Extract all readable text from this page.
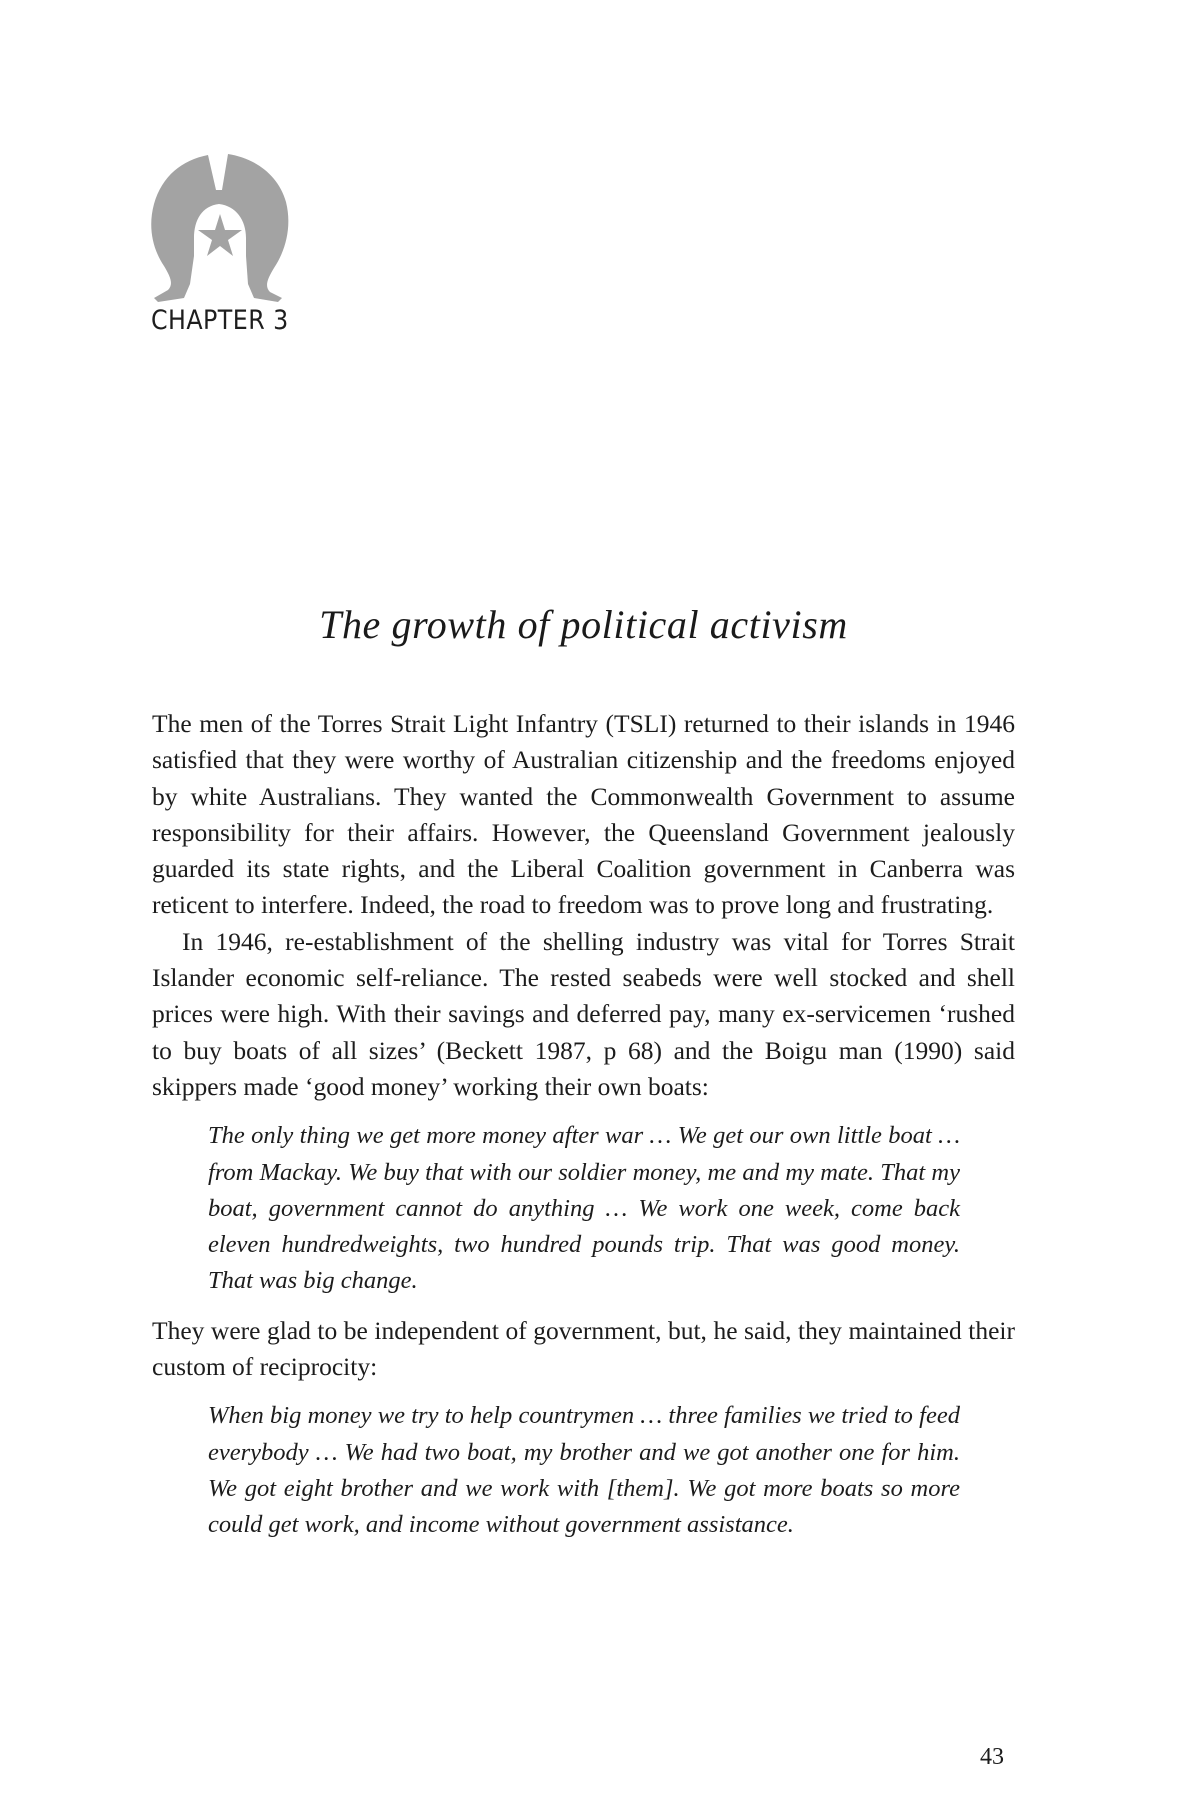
CHAPTER 3
The growth of political activism

The men of the Torres Strait Light Infantry (TSLI) returned to their islands in 1946 satisfied that they were worthy of Australian citizenship and the freedoms enjoyed by white Australians. They wanted the Commonwealth Government to assume responsibility for their affairs. However, the Queensland Government jealously guarded its state rights, and the Liberal Coalition government in Canberra was reticent to interfere. Indeed, the road to freedom was to prove long and frustrating.

In 1946, re-establishment of the shelling industry was vital for Torres Strait Islander economic self-reliance. The rested seabeds were well stocked and shell prices were high. With their savings and deferred pay, many ex-servicemen ‘rushed to buy boats of all sizes’ (Beckett 1987, p 68) and the Boigu man (1990) said skippers made ‘good money’ working their own boats:

The only thing we get more money after war … We get our own little boat … from Mackay. We buy that with our soldier money, me and my mate. That my boat, government cannot do anything … We work one week, come back eleven hundredweights, two hundred pounds trip. That was good money. That was big change.

They were glad to be independent of government, but, he said, they maintained their custom of reciprocity:

When big money we try to help countrymen … three families we tried to feed everybody … We had two boat, my brother and we got another one for him. We got eight brother and we work with [them]. We got more boats so more could get work, and income without government assistance.

43
